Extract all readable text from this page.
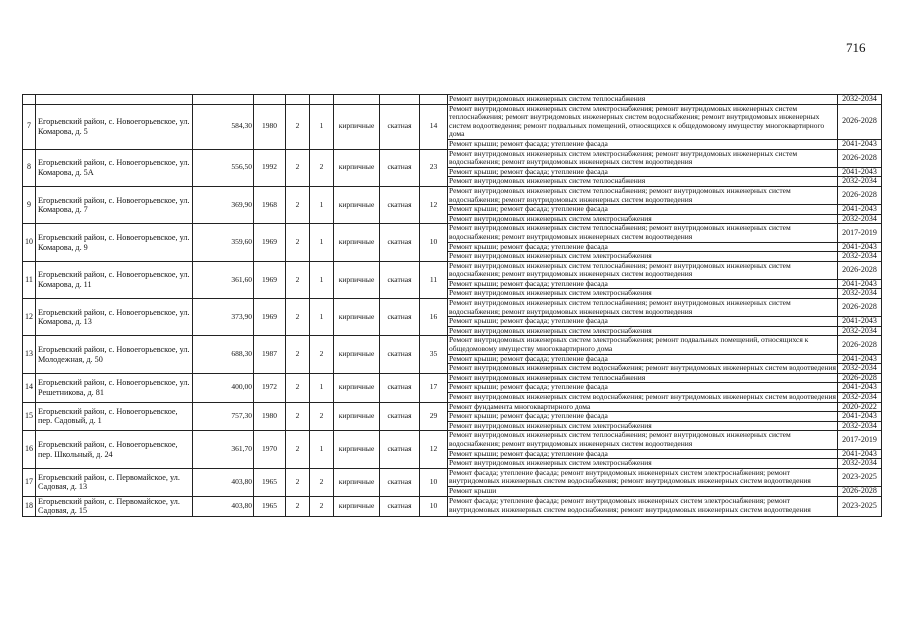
716
									Ремонт внутридомовых инженерных систем теплоснабжения	2032-2034
7	Егорьевский район, с. Новоегорьевское, ул. Комарова, д. 5	584,30	1980	2	1	кирпичные	скатная	14	Ремонт внутридомовых инженерных систем электроснабжения; ремонт внутридомовых инженерных систем теплоснабжения; ремонт внутридомовых инженерных систем водоснабжения; ремонт внутридомовых инженерных систем водоотведения; ремонт подвальных помещений, относящихся к общедомовому имуществу многоквартирного дома	2026-2028
									Ремонт крыши; ремонт фасада; утепление фасада	2041-2043
8	Егорьевский район, с. Новоегорьевское, ул. Комарова, д. 5А	556,50	1992	2	2	кирпичные	скатная	23	Ремонт внутридомовых инженерных систем электроснабжения; ремонт внутридомовых инженерных систем водоснабжения; ремонт внутридомовых инженерных систем водоотведения	2026-2028
									Ремонт крыши; ремонт фасада; утепление фасада	2041-2043
									Ремонт внутридомовых инженерных систем теплоснабжения	2032-2034
9	Егорьевский район, с. Новоегорьевское, ул. Комарова, д. 7	369,90	1968	2	1	кирпичные	скатная	12	Ремонт внутридомовых инженерных систем теплоснабжения; ремонт внутридомовых инженерных систем водоснабжения; ремонт внутридомовых инженерных систем водоотведения	2026-2028
									Ремонт крыши; ремонт фасада; утепление фасада	2041-2043
									Ремонт внутридомовых инженерных систем электроснабжения	2032-2034
10	Егорьевский район, с. Новоегорьевское, ул. Комарова, д. 9	359,60	1969	2	1	кирпичные	скатная	10	Ремонт внутридомовых инженерных систем теплоснабжения; ремонт внутридомовых инженерных систем водоснабжения; ремонт внутридомовых инженерных систем водоотведения	2017-2019
									Ремонт крыши; ремонт фасада; утепление фасада	2041-2043
									Ремонт внутридомовых инженерных систем электроснабжения	2032-2034
11	Егорьевский район, с. Новоегорьевское, ул. Комарова, д. 11	361,60	1969	2	1	кирпичные	скатная	11	Ремонт внутридомовых инженерных систем теплоснабжения; ремонт внутридомовых инженерных систем водоснабжения; ремонт внутридомовых инженерных систем водоотведения	2026-2028
									Ремонт крыши; ремонт фасада; утепление фасада	2041-2043
									Ремонт внутридомовых инженерных систем электроснабжения	2032-2034
12	Егорьевский район, с. Новоегорьевское, ул. Комарова, д. 13	373,90	1969	2	1	кирпичные	скатная	16	Ремонт внутридомовых инженерных систем теплоснабжения; ремонт внутридомовых инженерных систем водоснабжения; ремонт внутридомовых инженерных систем водоотведения	2026-2028
									Ремонт крыши; ремонт фасада; утепление фасада	2041-2043
									Ремонт внутридомовых инженерных систем электроснабжения	2032-2034
13	Егорьевский район, с. Новоегорьевское, ул. Молодежная, д. 50	688,30	1987	2	2	кирпичные	скатная	35	Ремонт внутридомовых инженерных систем электроснабжения; ремонт подвальных помещений, относящихся к общедомовому имуществу многоквартирного дома	2026-2028
									Ремонт крыши; ремонт фасада; утепление фасада	2041-2043
									Ремонт внутридомовых инженерных систем водоснабжения; ремонт внутридомовых инженерных систем водоотведения	2032-2034
14	Егорьевский район, с. Новоегорьевское, ул. Решетникова, д. 81	400,00	1972	2	1	кирпичные	скатная	17	Ремонт внутридомовых инженерных систем теплоснабжения	2026-2028
									Ремонт крыши; ремонт фасада; утепление фасада	2041-2043
									Ремонт внутридомовых инженерных систем водоснабжения; ремонт внутридомовых инженерных систем водоотведения	2032-2034
15	Егорьевский район, с. Новоегорьевское, пер. Садовый, д. 1	757,30	1980	2	2	кирпичные	скатная	29	Ремонт фундамента многоквартирного дома	2020-2022
									Ремонт крыши; ремонт фасада; утепление фасада	2041-2043
									Ремонт внутридомовых инженерных систем электроснабжения	2032-2034
16	Егорьевский район, с. Новоегорьевское, пер. Школьный, д. 24	361,70	1970	2	1	кирпичные	скатная	12	Ремонт внутридомовых инженерных систем теплоснабжения; ремонт внутридомовых инженерных систем водоснабжения; ремонт внутридомовых инженерных систем водоотведения	2017-2019
									Ремонт крыши; ремонт фасада; утепление фасада	2041-2043
									Ремонт внутридомовых инженерных систем электроснабжения	2032-2034
17	Егорьевский район, с. Первомайское, ул. Садовая, д. 13	403,80	1965	2	2	кирпичные	скатная	10	Ремонт фасада; утепление фасада; ремонт внутридомовых инженерных систем электроснабжения; ремонт внутридомовых инженерных систем водоснабжения; ремонт внутридомовых инженерных систем водоотведения	2023-2025
									Ремонт крыши	2026-2028
18	Егорьевский район, с. Первомайское, ул. Садовая, д. 15	403,80	1965	2	2	кирпичные	скатная	10	Ремонт фасада; утепление фасада; ремонт внутридомовых инженерных систем электроснабжения; ремонт внутридомовых инженерных систем водоснабжения; ремонт внутридомовых инженерных систем водоотведения	2023-2025
